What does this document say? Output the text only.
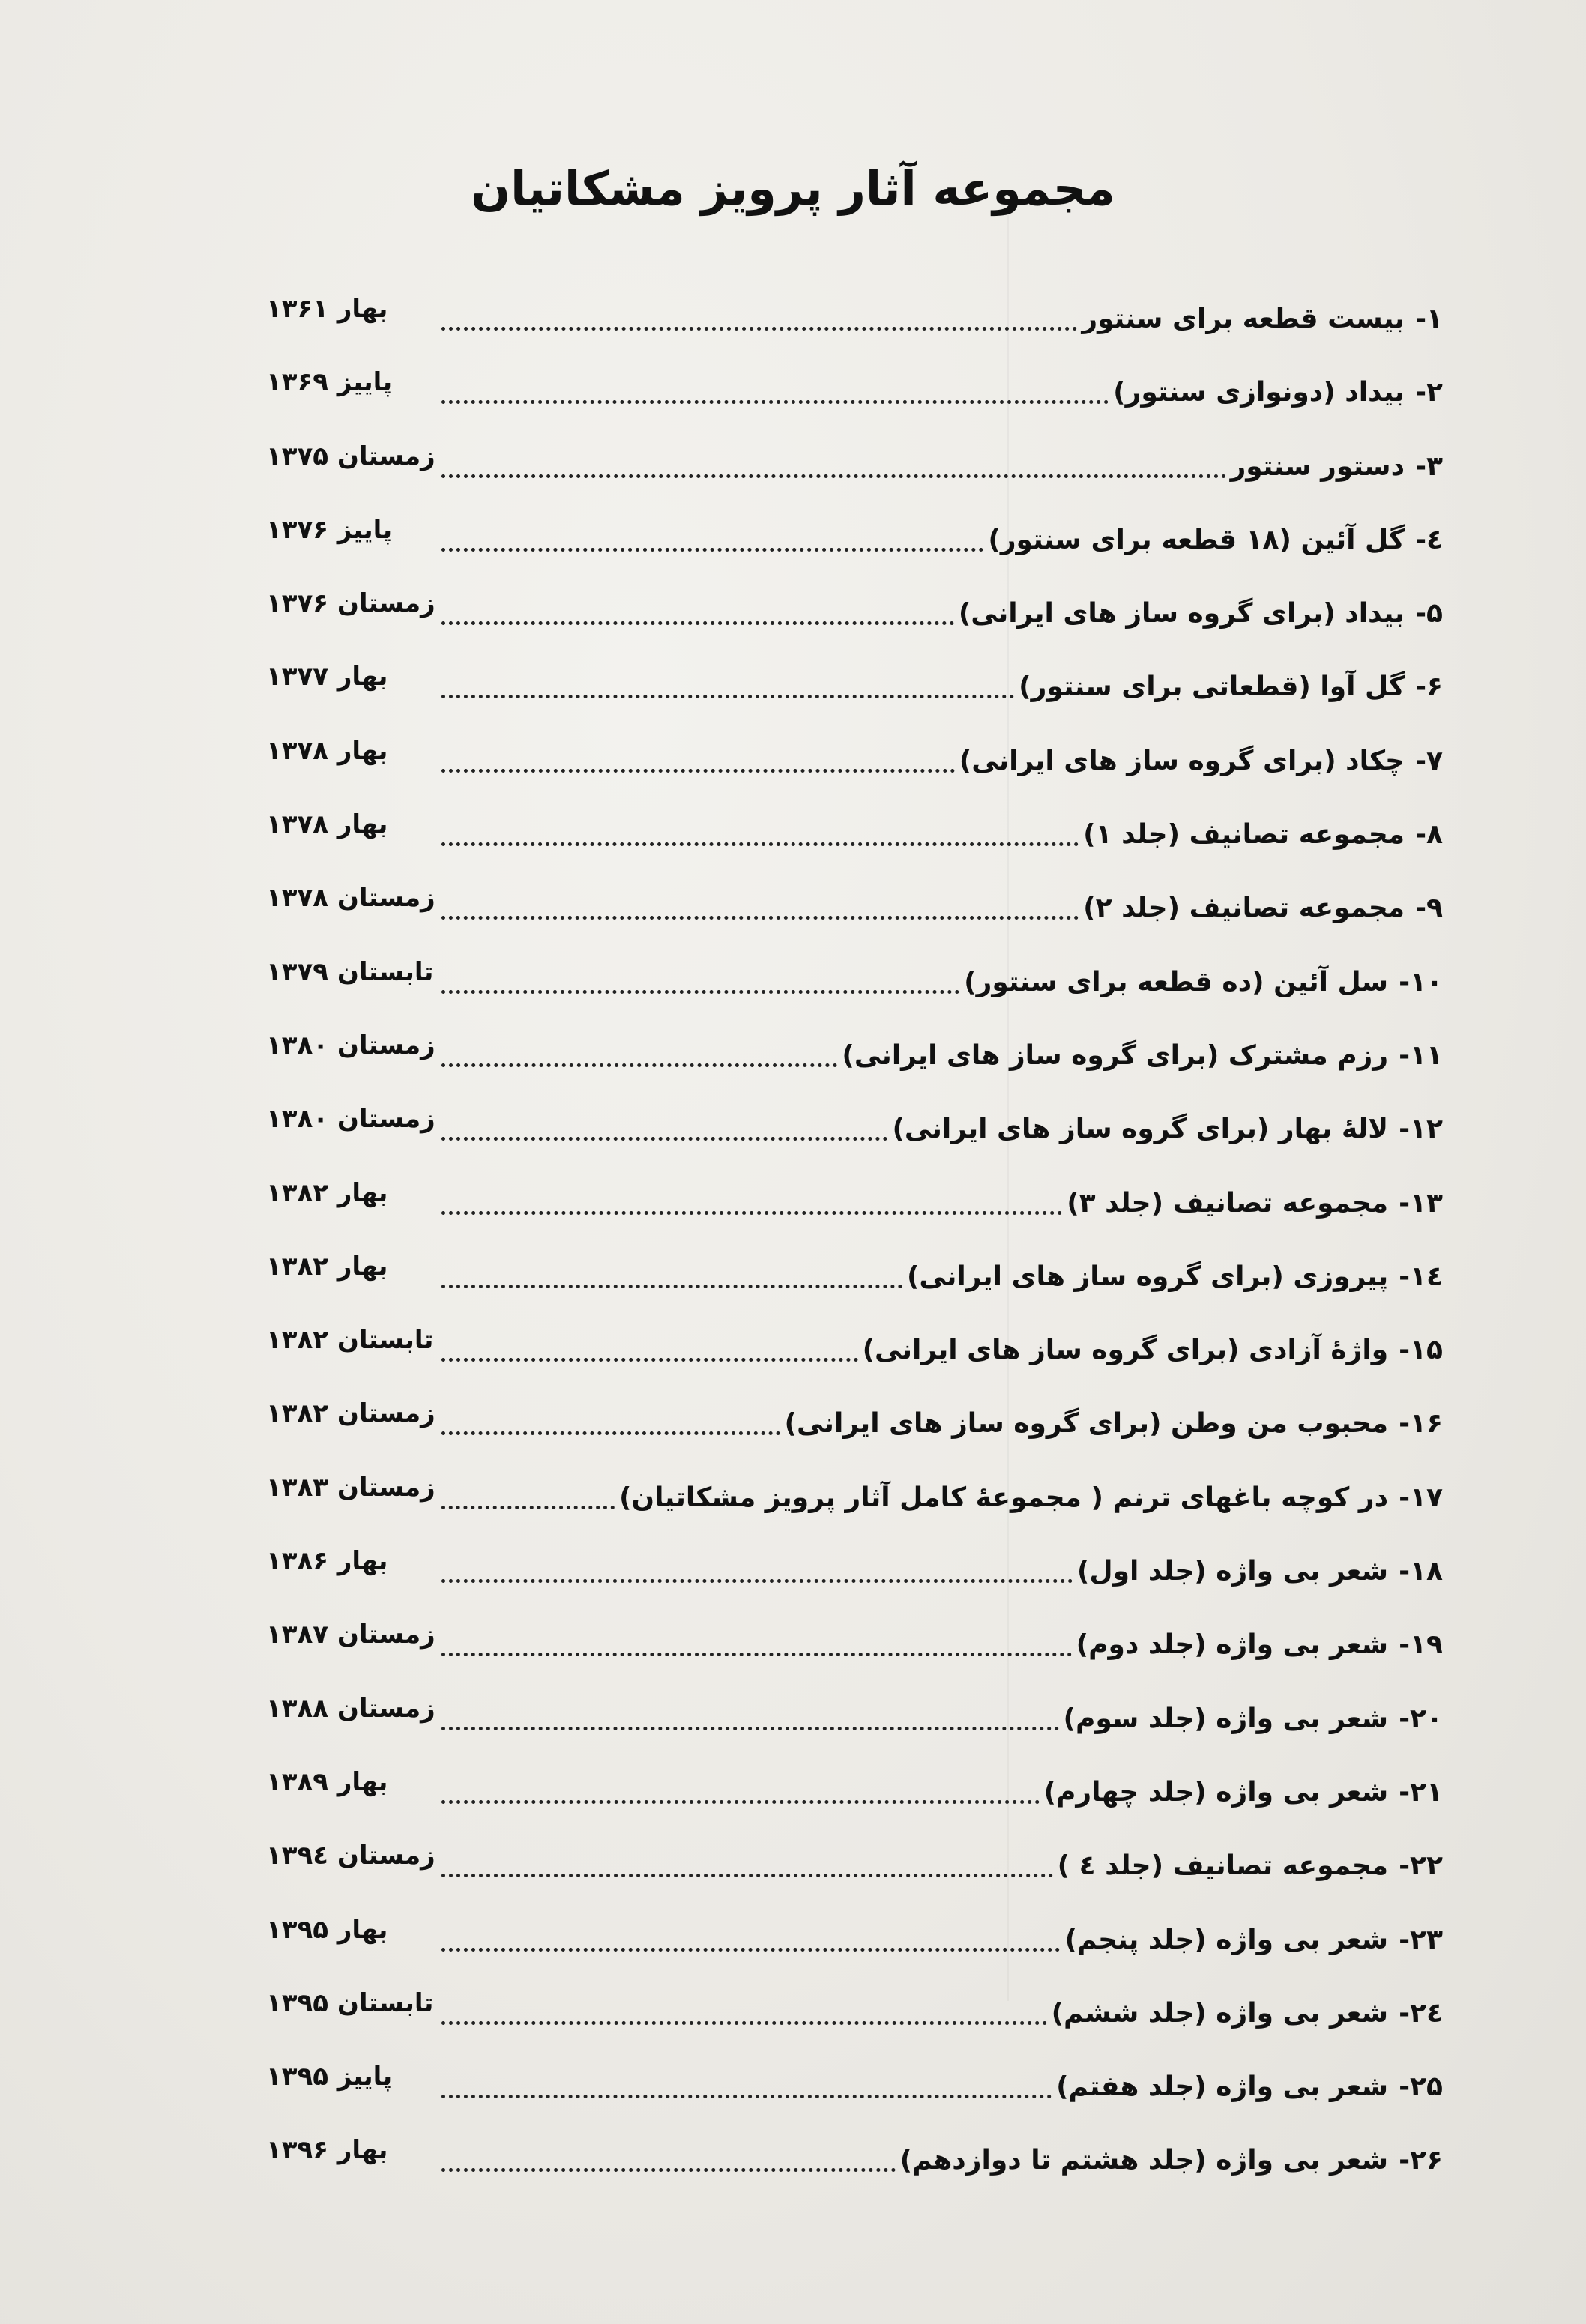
مجموعه آثار پرویز مشکاتیان
۱-
بیست قطعه برای سنتور
بهار ۱۳۶۱
۲-
بیداد (دونوازی سنتور)
پاییز ۱۳۶۹
۳-
دستور سنتور
زمستان ۱۳۷۵
٤-
گل آئین (۱۸ قطعه برای سنتور)
پاییز ۱۳۷۶
۵-
بیداد (برای گروه ساز های ایرانی)
زمستان ۱۳۷۶
۶-
گل آوا (قطعاتی برای سنتور)
بهار ۱۳۷۷
۷-
چکاد (برای گروه ساز های ایرانی)
بهار ۱۳۷۸
۸-
مجموعه تصانیف (جلد ۱)
بهار ۱۳۷۸
۹-
مجموعه تصانیف (جلد ۲)
زمستان ۱۳۷۸
۱۰-
سل آئین (ده قطعه برای سنتور)
تابستان ۱۳۷۹
۱۱-
رزم مشترک (برای گروه ساز های ایرانی)
زمستان ۱۳۸۰
۱۲-
لالهٔ بهار (برای گروه ساز های ایرانی)
زمستان ۱۳۸۰
۱۳-
مجموعه تصانیف (جلد ۳)
بهار ۱۳۸۲
۱٤-
پیروزی (برای گروه ساز های ایرانی)
بهار ۱۳۸۲
۱۵-
واژهٔ آزادی (برای گروه ساز های ایرانی)
تابستان ۱۳۸۲
۱۶-
محبوب من وطن (برای گروه ساز های ایرانی)
زمستان ۱۳۸۲
۱۷-
در کوچه باغهای ترنم ( مجموعهٔ کامل آثار پرویز مشکاتیان)
زمستان ۱۳۸۳
۱۸-
شعر بی واژه (جلد اول)
بهار ۱۳۸۶
۱۹-
شعر بی واژه (جلد دوم)
زمستان ۱۳۸۷
۲۰-
شعر بی واژه (جلد سوم)
زمستان ۱۳۸۸
۲۱-
شعر بی واژه (جلد چهارم)
بهار ۱۳۸۹
۲۲-
مجموعه تصانیف (جلد ٤ )
زمستان ۱۳۹٤
۲۳-
شعر بی واژه (جلد پنجم)
بهار ۱۳۹۵
۲٤-
شعر بی واژه (جلد ششم)
تابستان ۱۳۹۵
۲۵-
شعر بی واژه (جلد هفتم)
پاییز ۱۳۹۵
۲۶-
شعر بی واژه (جلد هشتم تا دوازدهم)
بهار ۱۳۹۶
